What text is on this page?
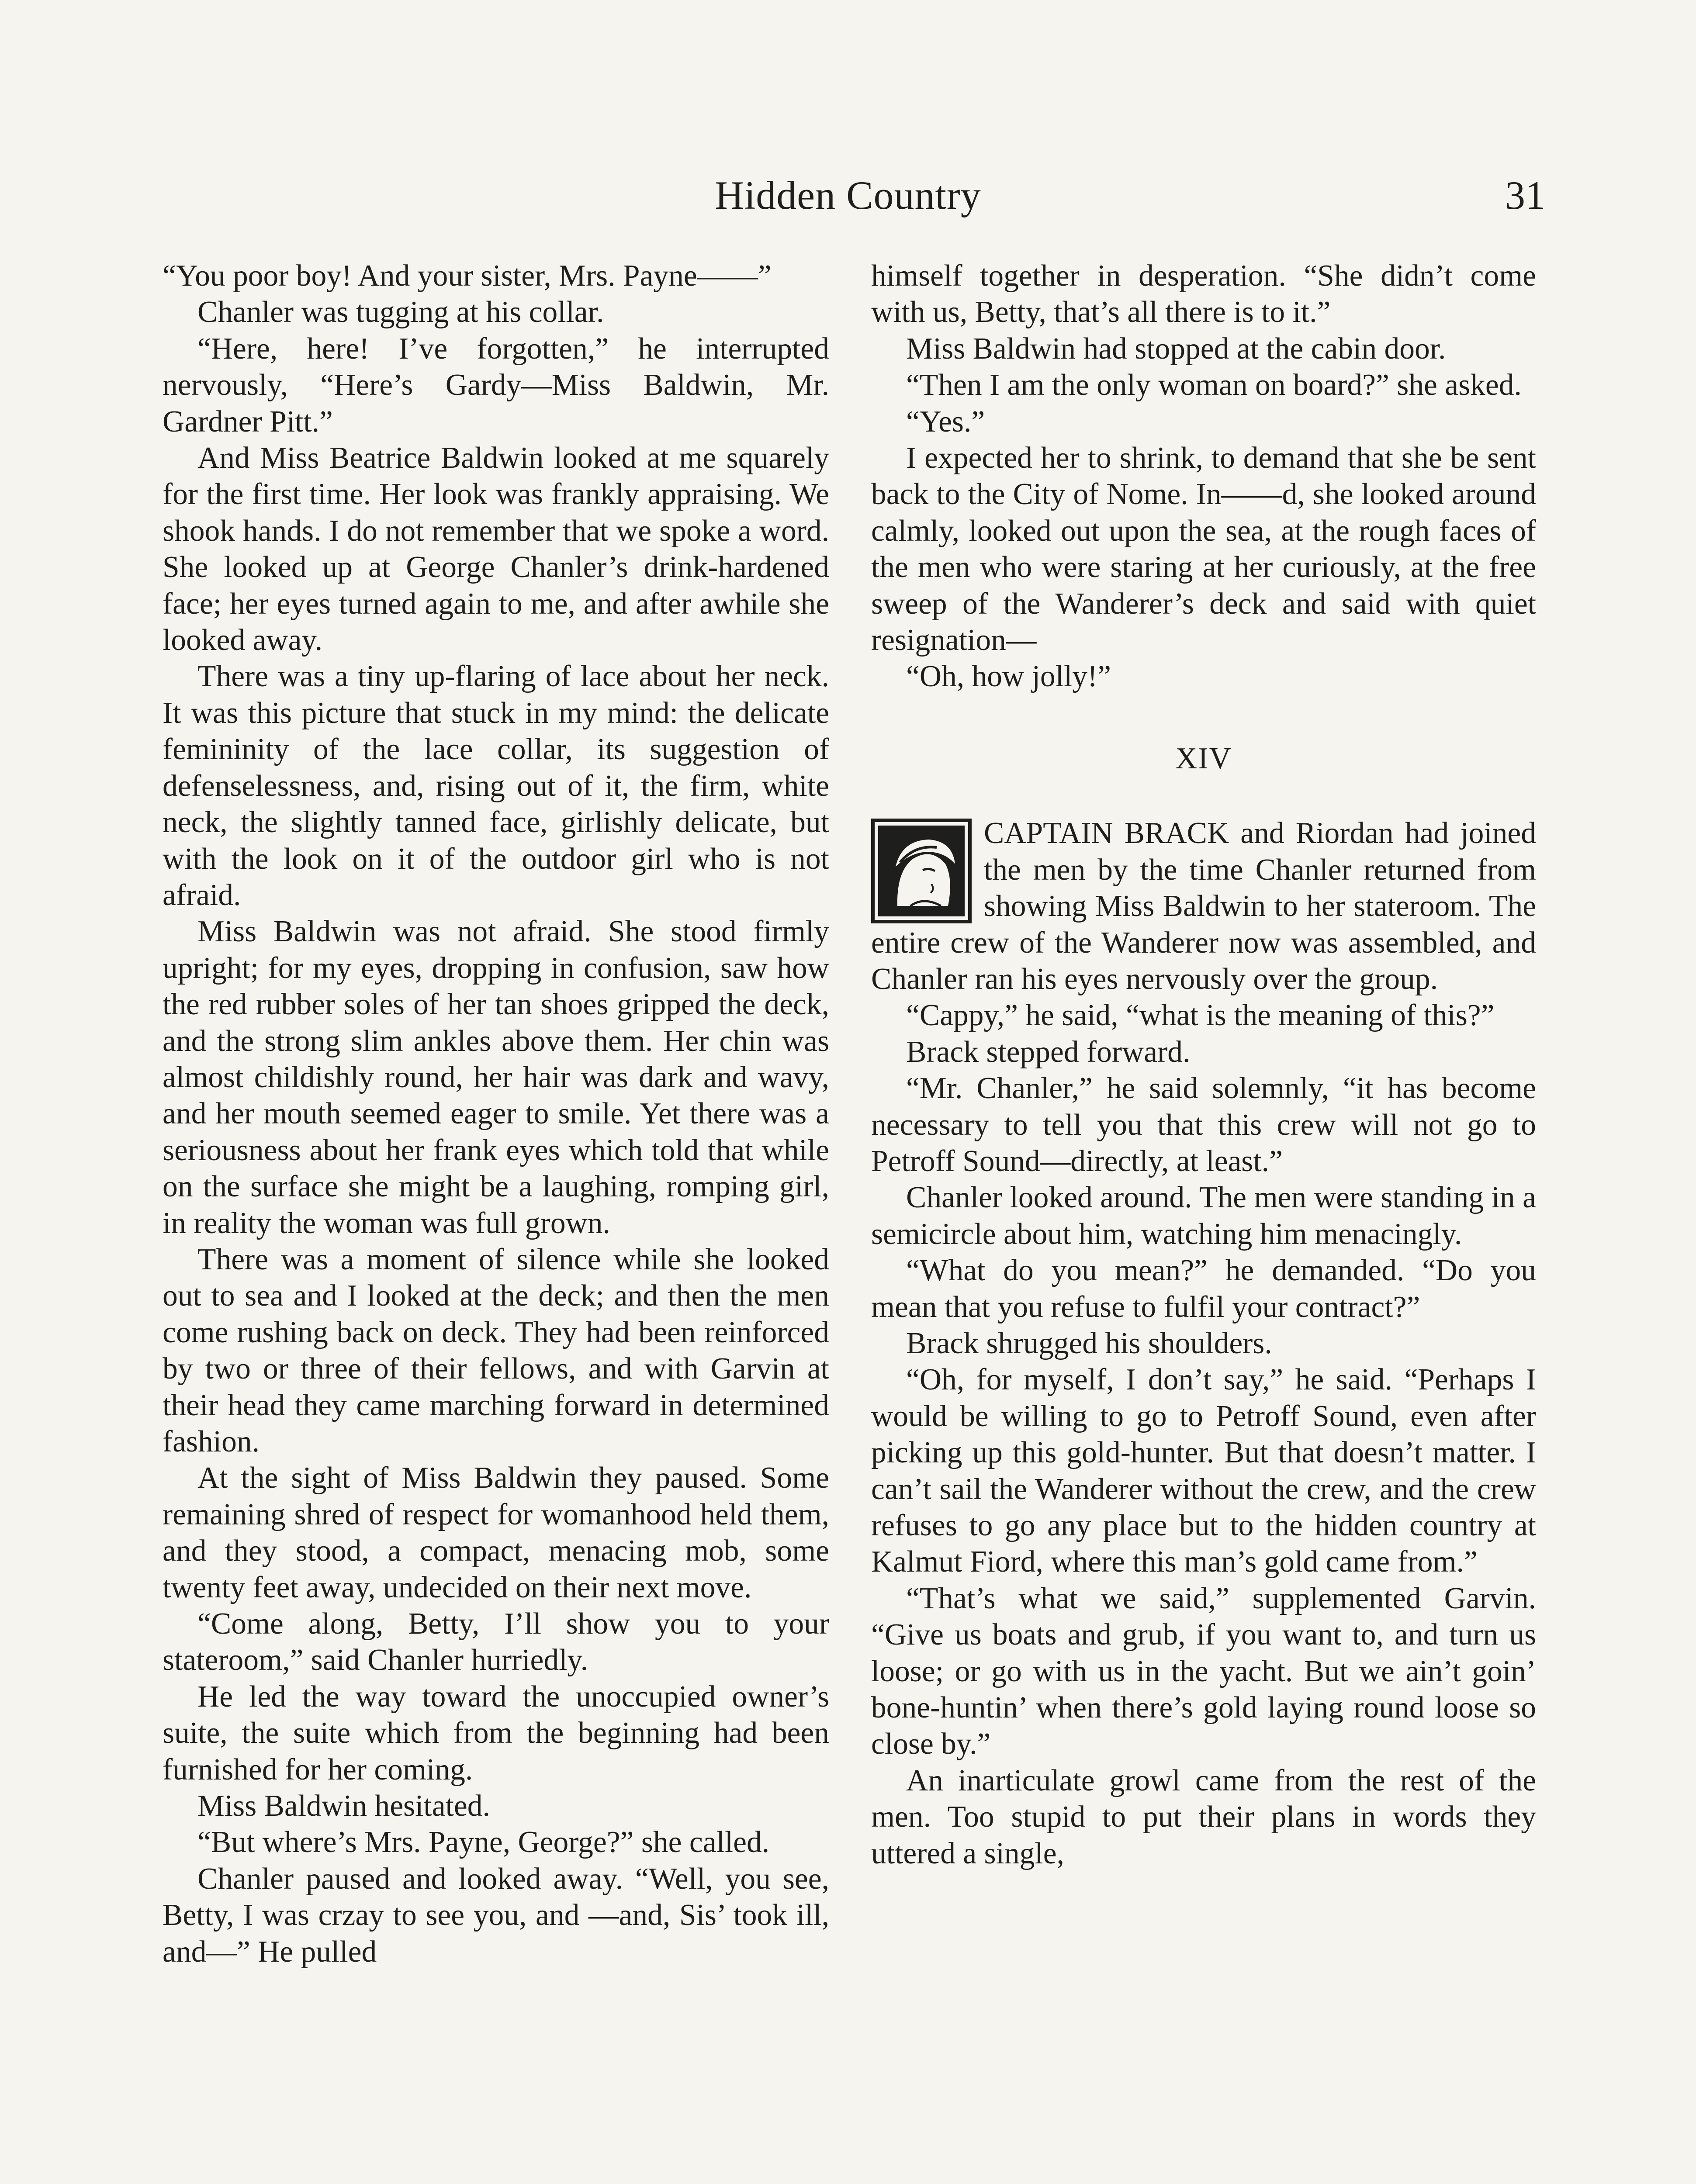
Hidden Country	31

“You poor boy! And your sister, Mrs. Payne——”

Chanler was tugging at his collar.

“Here, here! I’ve forgotten,” he interrupted nervously, “Here’s Gardy—Miss Baldwin, Mr. Gardner Pitt.”

And Miss Beatrice Baldwin looked at me squarely for the first time. Her look was frankly appraising. We shook hands. I do not remember that we spoke a word. She looked up at George Chanler’s drink-hardened face; her eyes turned again to me, and after awhile she looked away.

There was a tiny up-flaring of lace about her neck. It was this picture that stuck in my mind: the delicate femininity of the lace collar, its suggestion of defenselessness, and, rising out of it, the firm, white neck, the slightly tanned face, girlishly delicate, but with the look on it of the outdoor girl who is not afraid.

Miss Baldwin was not afraid. She stood firmly upright; for my eyes, dropping in confusion, saw how the red rubber soles of her tan shoes gripped the deck, and the strong slim ankles above them. Her chin was almost childishly round, her hair was dark and wavy, and her mouth seemed eager to smile. Yet there was a seriousness about her frank eyes which told that while on the surface she might be a laughing, romping girl, in reality the woman was full grown.

There was a moment of silence while she looked out to sea and I looked at the deck; and then the men come rushing back on deck. They had been reinforced by two or three of their fellows, and with Garvin at their head they came marching forward in determined fashion.

At the sight of Miss Baldwin they paused. Some remaining shred of respect for womanhood held them, and they stood, a compact, menacing mob, some twenty feet away, undecided on their next move.

“Come along, Betty, I’ll show you to your stateroom,” said Chanler hurriedly.

He led the way toward the unoccupied owner’s suite, the suite which from the beginning had been furnished for her coming.

Miss Baldwin hesitated.

“But where’s Mrs. Payne, George?” she called.

Chanler paused and looked away. “Well, you see, Betty, I was crzay to see you, and —and, Sis’ took ill, and—” He pulled

himself together in desperation. “She didn’t come with us, Betty, that’s all there is to it.”

Miss Baldwin had stopped at the cabin door.

“Then I am the only woman on board?” she asked.

“Yes.”

I expected her to shrink, to demand that she be sent back to the City of Nome. In——d, she looked around calmly, looked out upon the sea, at the rough faces of the men who were staring at her curiously, at the free sweep of the Wanderer’s deck and said with quiet resignation—

“Oh, how jolly!”

XIV

CAPTAIN BRACK and Riordan had joined the men by the time Chanler returned from showing Miss Baldwin to her stateroom. The entire crew of the Wanderer now was assembled, and Chanler ran his eyes nervously over the group.

“Cappy,” he said, “what is the meaning of this?”

Brack stepped forward.

“Mr. Chanler,” he said solemnly, “it has become necessary to tell you that this crew will not go to Petroff Sound—directly, at least.”

Chanler looked around. The men were standing in a semicircle about him, watching him menacingly.

“What do you mean?” he demanded. “Do you mean that you refuse to fulfil your contract?”

Brack shrugged his shoulders.

“Oh, for myself, I don’t say,” he said. “Perhaps I would be willing to go to Petroff Sound, even after picking up this gold-hunter. But that doesn’t matter. I can’t sail the Wanderer without the crew, and the crew refuses to go any place but to the hidden country at Kalmut Fiord, where this man’s gold came from.”

“That’s what we said,” supplemented Garvin. “Give us boats and grub, if you want to, and turn us loose; or go with us in the yacht. But we ain’t goin’ bone-huntin’ when there’s gold laying round loose so close by.”

An inarticulate growl came from the rest of the men. Too stupid to put their plans in words they uttered a single,
